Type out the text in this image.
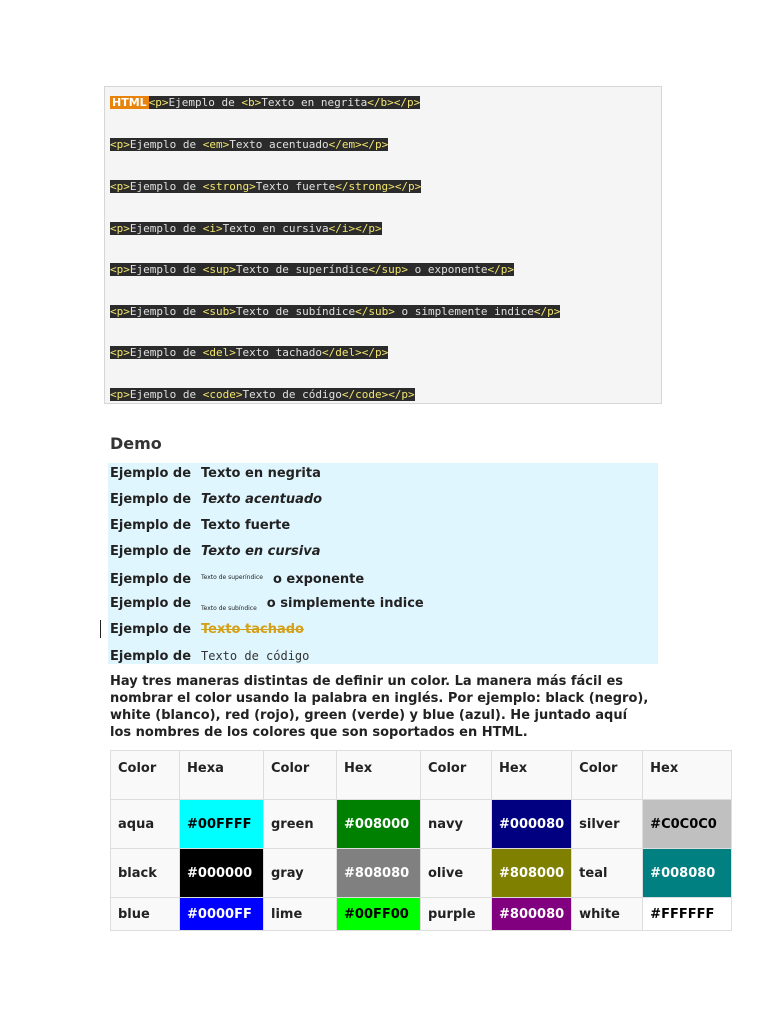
HTML <p>Ejemplo de <b>Texto en negrita</b></p>
<p>Ejemplo de <em>Texto acentuado</em></p>
<p>Ejemplo de <strong>Texto fuerte</strong></p>
<p>Ejemplo de <i>Texto en cursiva</i></p>
<p>Ejemplo de <sup>Texto de superíndice</sup> o exponente</p>
<p>Ejemplo de <sub>Texto de subíndice</sub> o simplemente indice</p>
<p>Ejemplo de <del>Texto tachado</del></p>
<p>Ejemplo de <code>Texto de código</code></p>
Demo
Ejemplo de Texto en negrita
Ejemplo de Texto acentuado
Ejemplo de Texto fuerte
Ejemplo de Texto en cursiva
Ejemplo de $^{Texto de superíndice}$ o exponente
Ejemplo de $_{Texto de subíndice}$ o simplemente indice
Ejemplo de Texto tachado
Ejemplo de Texto de código
Hay tres maneras distintas de definir un color. La manera más fácil es nombrar el color usando la palabra en inglés. Por ejemplo: black (negro), white (blanco), red (rojo), green (verde) y blue (azul). He juntado aquí los nombres de los colores que son soportados en HTML.
Color	Hexa	Color	Hex	Color	Hex	Color	Hex
aqua	#00FFFF	green	#008000	navy	#000080	silver	#C0C0C0
black	#000000	gray	#808080	olive	#808000	teal	#008080
blue	#0000FF	lime	#00FF00	purple	#800080	white	#FFFFFF
